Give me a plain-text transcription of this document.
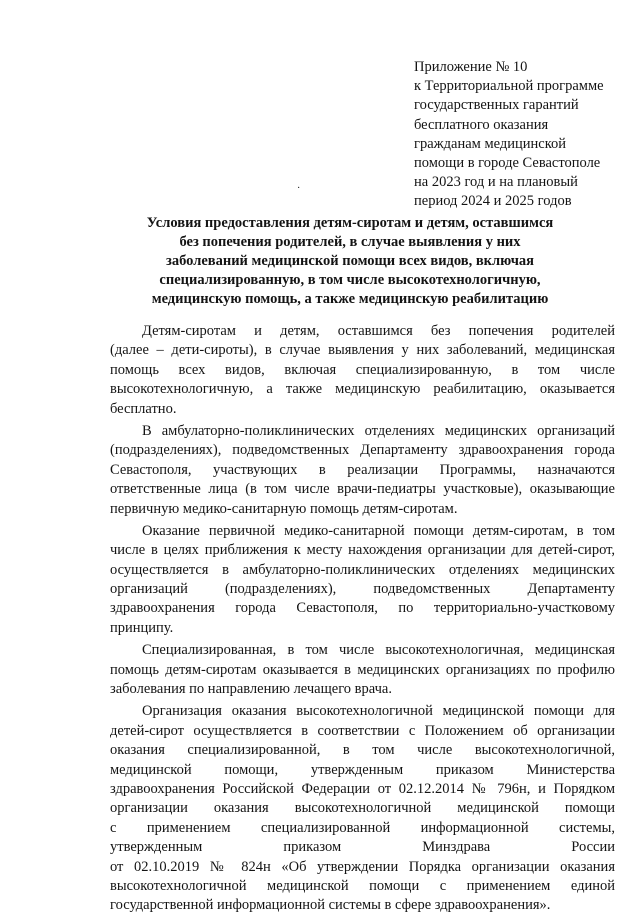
Приложение № 10
к Территориальной программе
государственных гарантий
бесплатного оказания
гражданам медицинской
помощи в городе Севастополе
на 2023 год и на плановый
период 2024 и 2025 годов
·
Условия предоставления детям-сиротам и детям, оставшимся
без попечения родителей, в случае выявления у них
заболеваний медицинской помощи всех видов, включая
специализированную, в том числе высокотехнологичную,
медицинскую помощь, а также медицинскую реабилитацию
Детям-сиротам и детям, оставшимся без попечения родителей
(далее – дети-сироты), в случае выявления у них заболеваний, медицинская
помощь всех видов, включая специализированную, в том числе
высокотехнологичную, а также медицинскую реабилитацию, оказывается
бесплатно.
В амбулаторно-поликлинических отделениях медицинских организаций
(подразделениях), подведомственных Департаменту здравоохранения города
Севастополя, участвующих в реализации Программы, назначаются
ответственные лица (в том числе врачи-педиатры участковые), оказывающие
первичную медико-санитарную помощь детям-сиротам.
Оказание первичной медико-санитарной помощи детям-сиротам, в том
числе в целях приближения к месту нахождения организации для детей-сирот,
осуществляется в амбулаторно-поликлинических отделениях медицинских
организаций (подразделениях), подведомственных Департаменту
здравоохранения города Севастополя, по территориально-участковому
принципу.
Специализированная, в том числе высокотехнологичная, медицинская
помощь детям-сиротам оказывается в медицинских организациях по профилю
заболевания по направлению лечащего врача.
Организация оказания высокотехнологичной медицинской помощи для
детей-сирот осуществляется в соответствии с Положением об организации
оказания специализированной, в том числе высокотехнологичной,
медицинской помощи, утвержденным приказом Министерства
здравоохранения Российской Федерации от 02.12.2014 № 796н, и Порядком
организации оказания высокотехнологичной медицинской помощи
с применением специализированной информационной системы,
утвержденным приказом Минздрава России
от 02.10.2019 № 824н «Об утверждении Порядка организации оказания
высокотехнологичной медицинской помощи с применением единой
государственной информационной системы в сфере здравоохранения».
